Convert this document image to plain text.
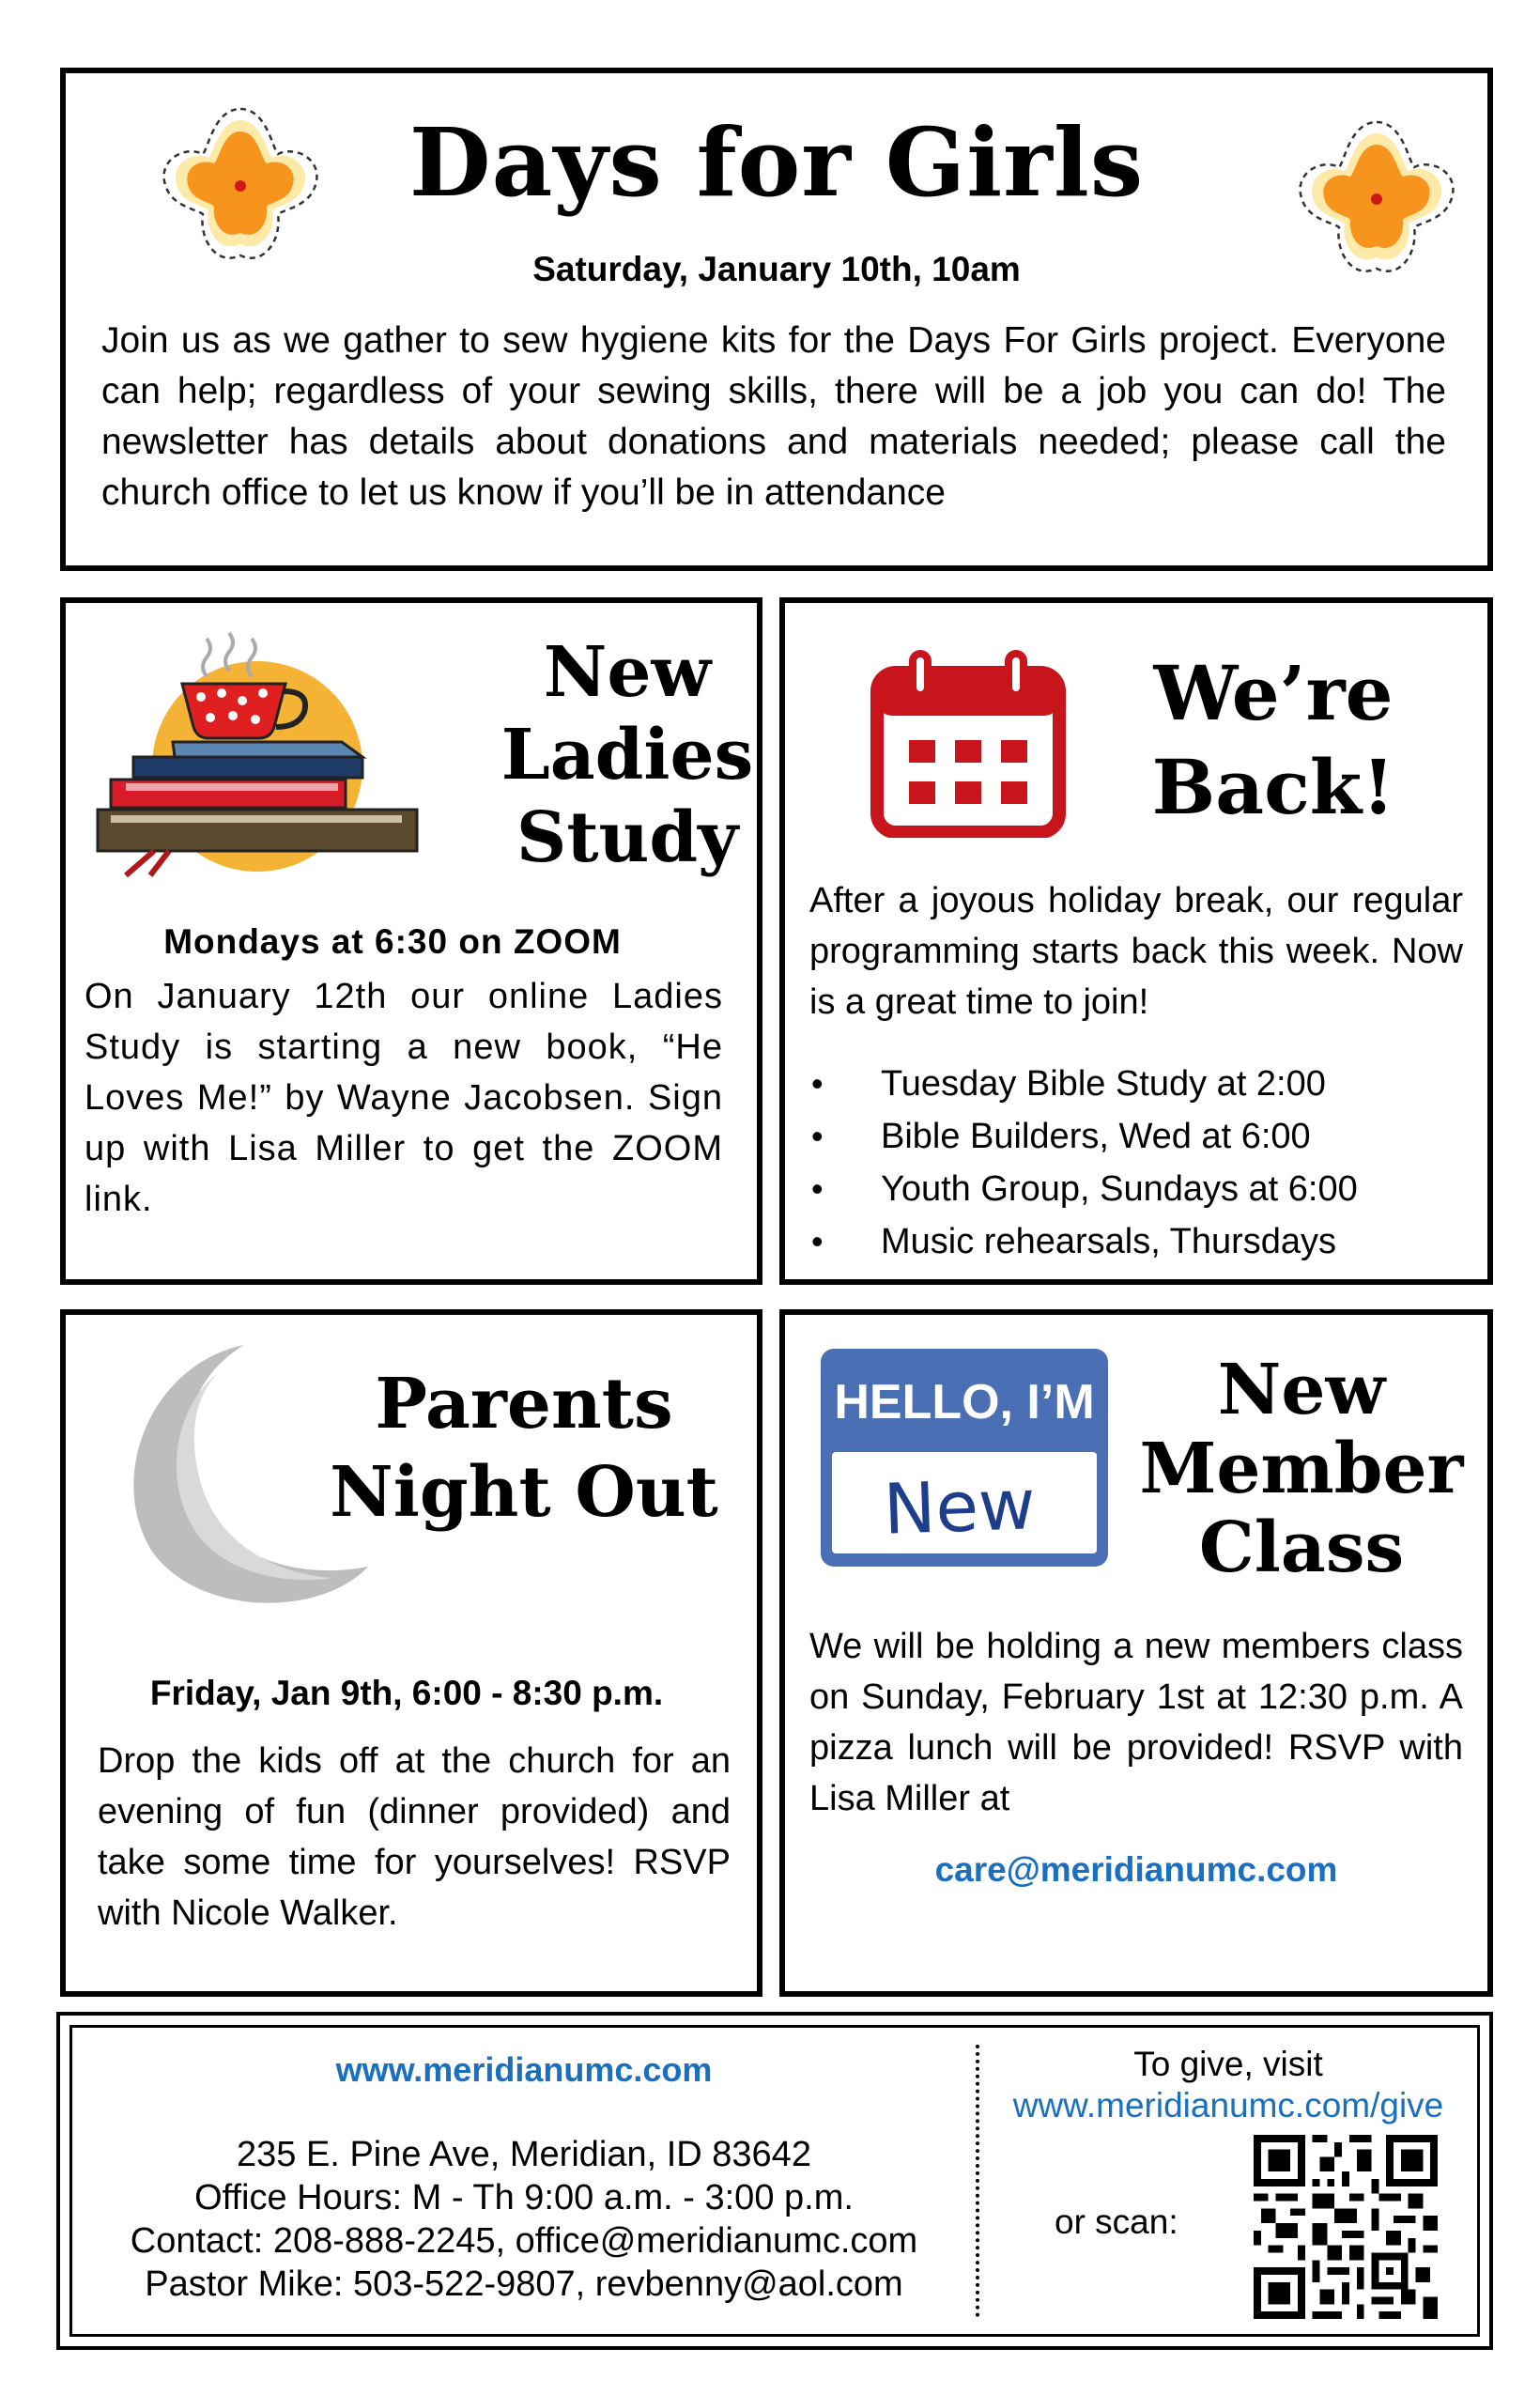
Days for Girls
Saturday, January 10th, 10am

Join us as we gather to sew hygiene kits for the Days For Girls project. Everyone can help; regardless of your sewing skills, there will be a job you can do! The newsletter has details about donations and materials needed; please call the church office to let us know if you’ll be in attendance

New
Ladies
Study
Mondays at 6:30 on ZOOM

On January 12th our online Ladies Study is starting a new book, “He Loves Me!” by Wayne Jacobsen. Sign up with Lisa Miller to get the ZOOM link.

We’re
Back!

After a joyous holiday break, our regular programming starts back this week. Now is a great time to join!

• Tuesday Bible Study at 2:00
• Bible Builders, Wed at 6:00
• Youth Group, Sundays at 6:00
• Music rehearsals, Thursdays
Parents
Night Out
Friday, Jan 9th, 6:00 - 8:30 p.m.

Drop the kids off at the church for an evening of fun (dinner provided) and take some time for yourselves! RSVP with Nicole Walker.

HELLO, I’M
New
New
Member
Class

We will be holding a new members class on Sunday, February 1st at 12:30 p.m. A pizza lunch will be provided! RSVP with Lisa Miller at

care@meridianumc.com
www.meridianumc.com
235 E. Pine Ave, Meridian, ID 83642
Office Hours: M - Th 9:00 a.m. - 3:00 p.m.
Contact: 208-888-2245, office@meridianumc.com
Pastor Mike: 503-522-9807, revbenny@aol.com
To give, visit
www.meridianumc.com/give
or scan:
